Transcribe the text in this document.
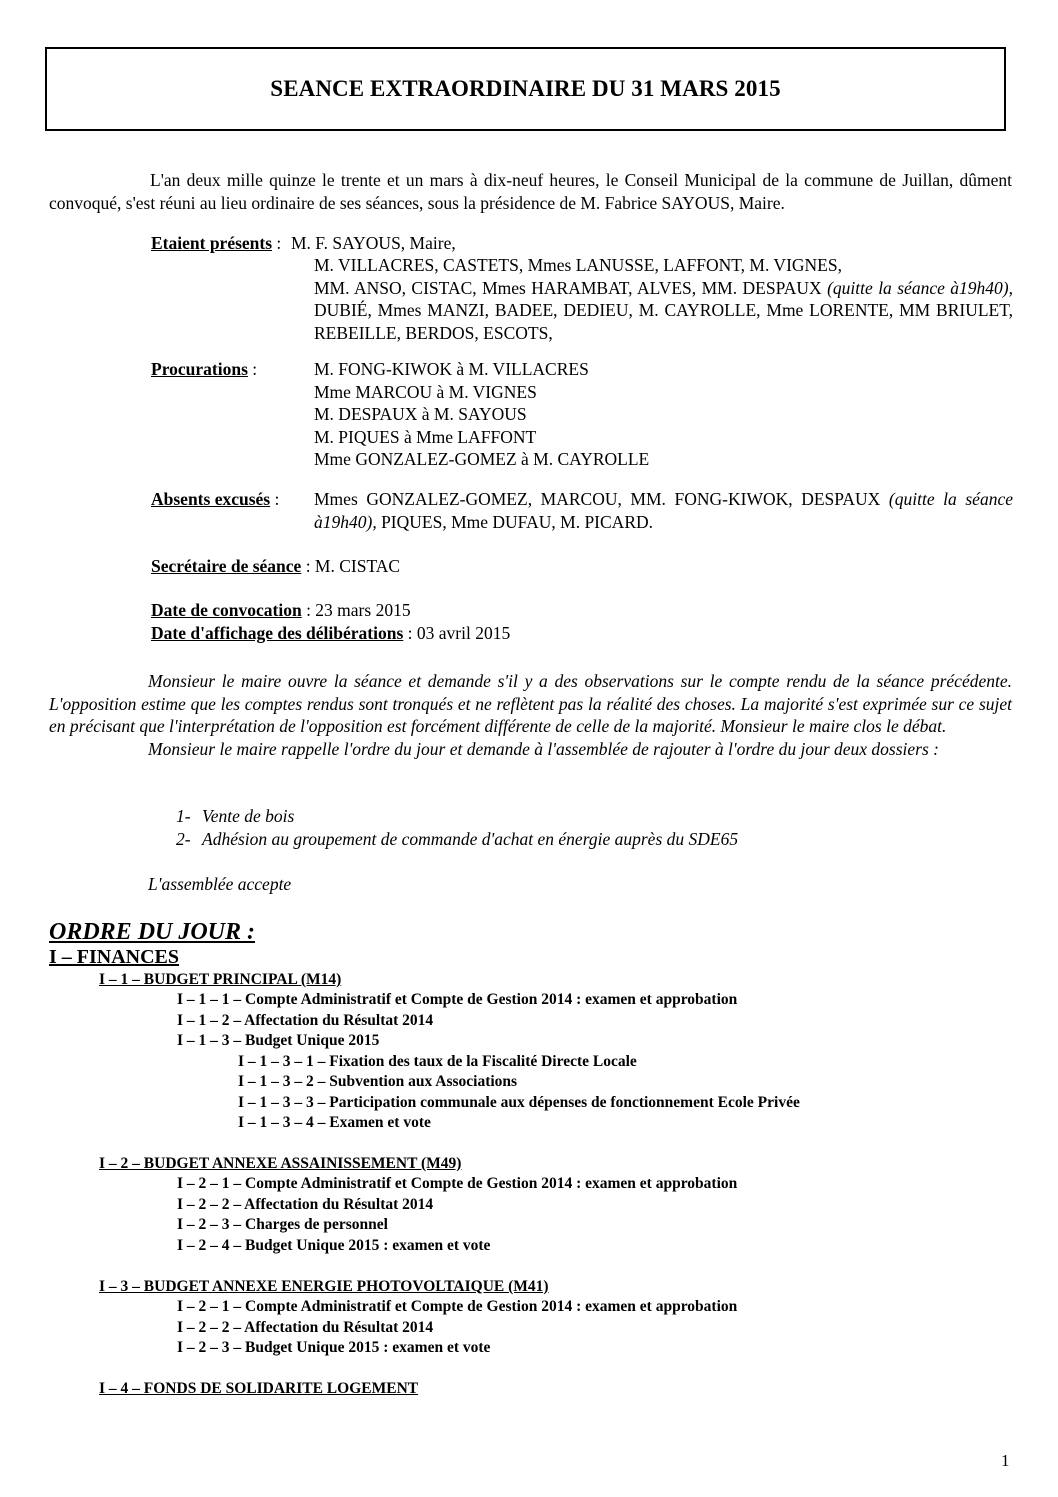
SEANCE EXTRAORDINAIRE DU 31 MARS 2015

L'an deux mille quinze le trente et un mars à dix-neuf heures, le Conseil Municipal de la commune de Juillan, dûment convoqué, s'est réuni au lieu ordinaire de ses séances, sous la présidence de M. Fabrice SAYOUS, Maire.

Etaient présents : M. F. SAYOUS, Maire,
M. VILLACRES, CASTETS, Mmes LANUSSE, LAFFONT, M. VIGNES,
MM. ANSO, CISTAC, Mmes HARAMBAT, ALVES, MM. DESPAUX (quitte la séance à19h40), DUBIÉ, Mmes MANZI, BADEE, DEDIEU, M. CAYROLLE, Mme LORENTE, MM BRIULET, REBEILLE, BERDOS, ESCOTS,
Procurations :	M. FONG-KIWOK à M. VILLACRES
Mme MARCOU à M. VIGNES
M. DESPAUX à M. SAYOUS
M. PIQUES à Mme LAFFONT
Mme GONZALEZ-GOMEZ à M. CAYROLLE
Absents excusés : Mmes GONZALEZ-GOMEZ, MARCOU, MM. FONG-KIWOK, DESPAUX (quitte la séance à19h40), PIQUES, Mme DUFAU, M. PICARD.
Secrétaire de séance : M. CISTAC
Date de convocation : 23 mars 2015
Date d'affichage des délibérations : 03 avril 2015

Monsieur le maire ouvre la séance et demande s'il y a des observations sur le compte rendu de la séance précédente. L'opposition estime que les comptes rendus sont tronqués et ne reflètent pas la réalité des choses. La majorité s'est exprimée sur ce sujet en précisant que l'interprétation de l'opposition est forcément différente de celle de la majorité. Monsieur le maire clos le débat.

Monsieur le maire rappelle l'ordre du jour et demande à l'assemblée de rajouter à l'ordre du jour deux dossiers :

1- Vente de bois
2- Adhésion au groupement de commande d'achat en énergie auprès du SDE65
L'assemblée accepte
ORDRE DU JOUR :
I – FINANCES
I – 1 – BUDGET PRINCIPAL (M14)
I – 1 – 1 – Compte Administratif et Compte de Gestion 2014 : examen et approbation
I – 1 – 2 – Affectation du Résultat 2014
I – 1 – 3 – Budget Unique 2015
I – 1 – 3 – 1 – Fixation des taux de la Fiscalité Directe Locale
I – 1 – 3 – 2 – Subvention aux Associations
I – 1 – 3 – 3 – Participation communale aux dépenses de fonctionnement Ecole Privée
I – 1 – 3 – 4 – Examen et vote
I – 2 – BUDGET ANNEXE ASSAINISSEMENT (M49)
I – 2 – 1 – Compte Administratif et Compte de Gestion 2014 : examen et approbation
I – 2 – 2 – Affectation du Résultat 2014
I – 2 – 3 – Charges de personnel
I – 2 – 4 – Budget Unique 2015 : examen et vote
I – 3 – BUDGET ANNEXE ENERGIE PHOTOVOLTAIQUE (M41)
I – 2 – 1 – Compte Administratif et Compte de Gestion 2014 : examen et approbation
I – 2 – 2 – Affectation du Résultat 2014
I – 2 – 3 – Budget Unique 2015 : examen et vote
I – 4 – FONDS DE SOLIDARITE LOGEMENT
1
